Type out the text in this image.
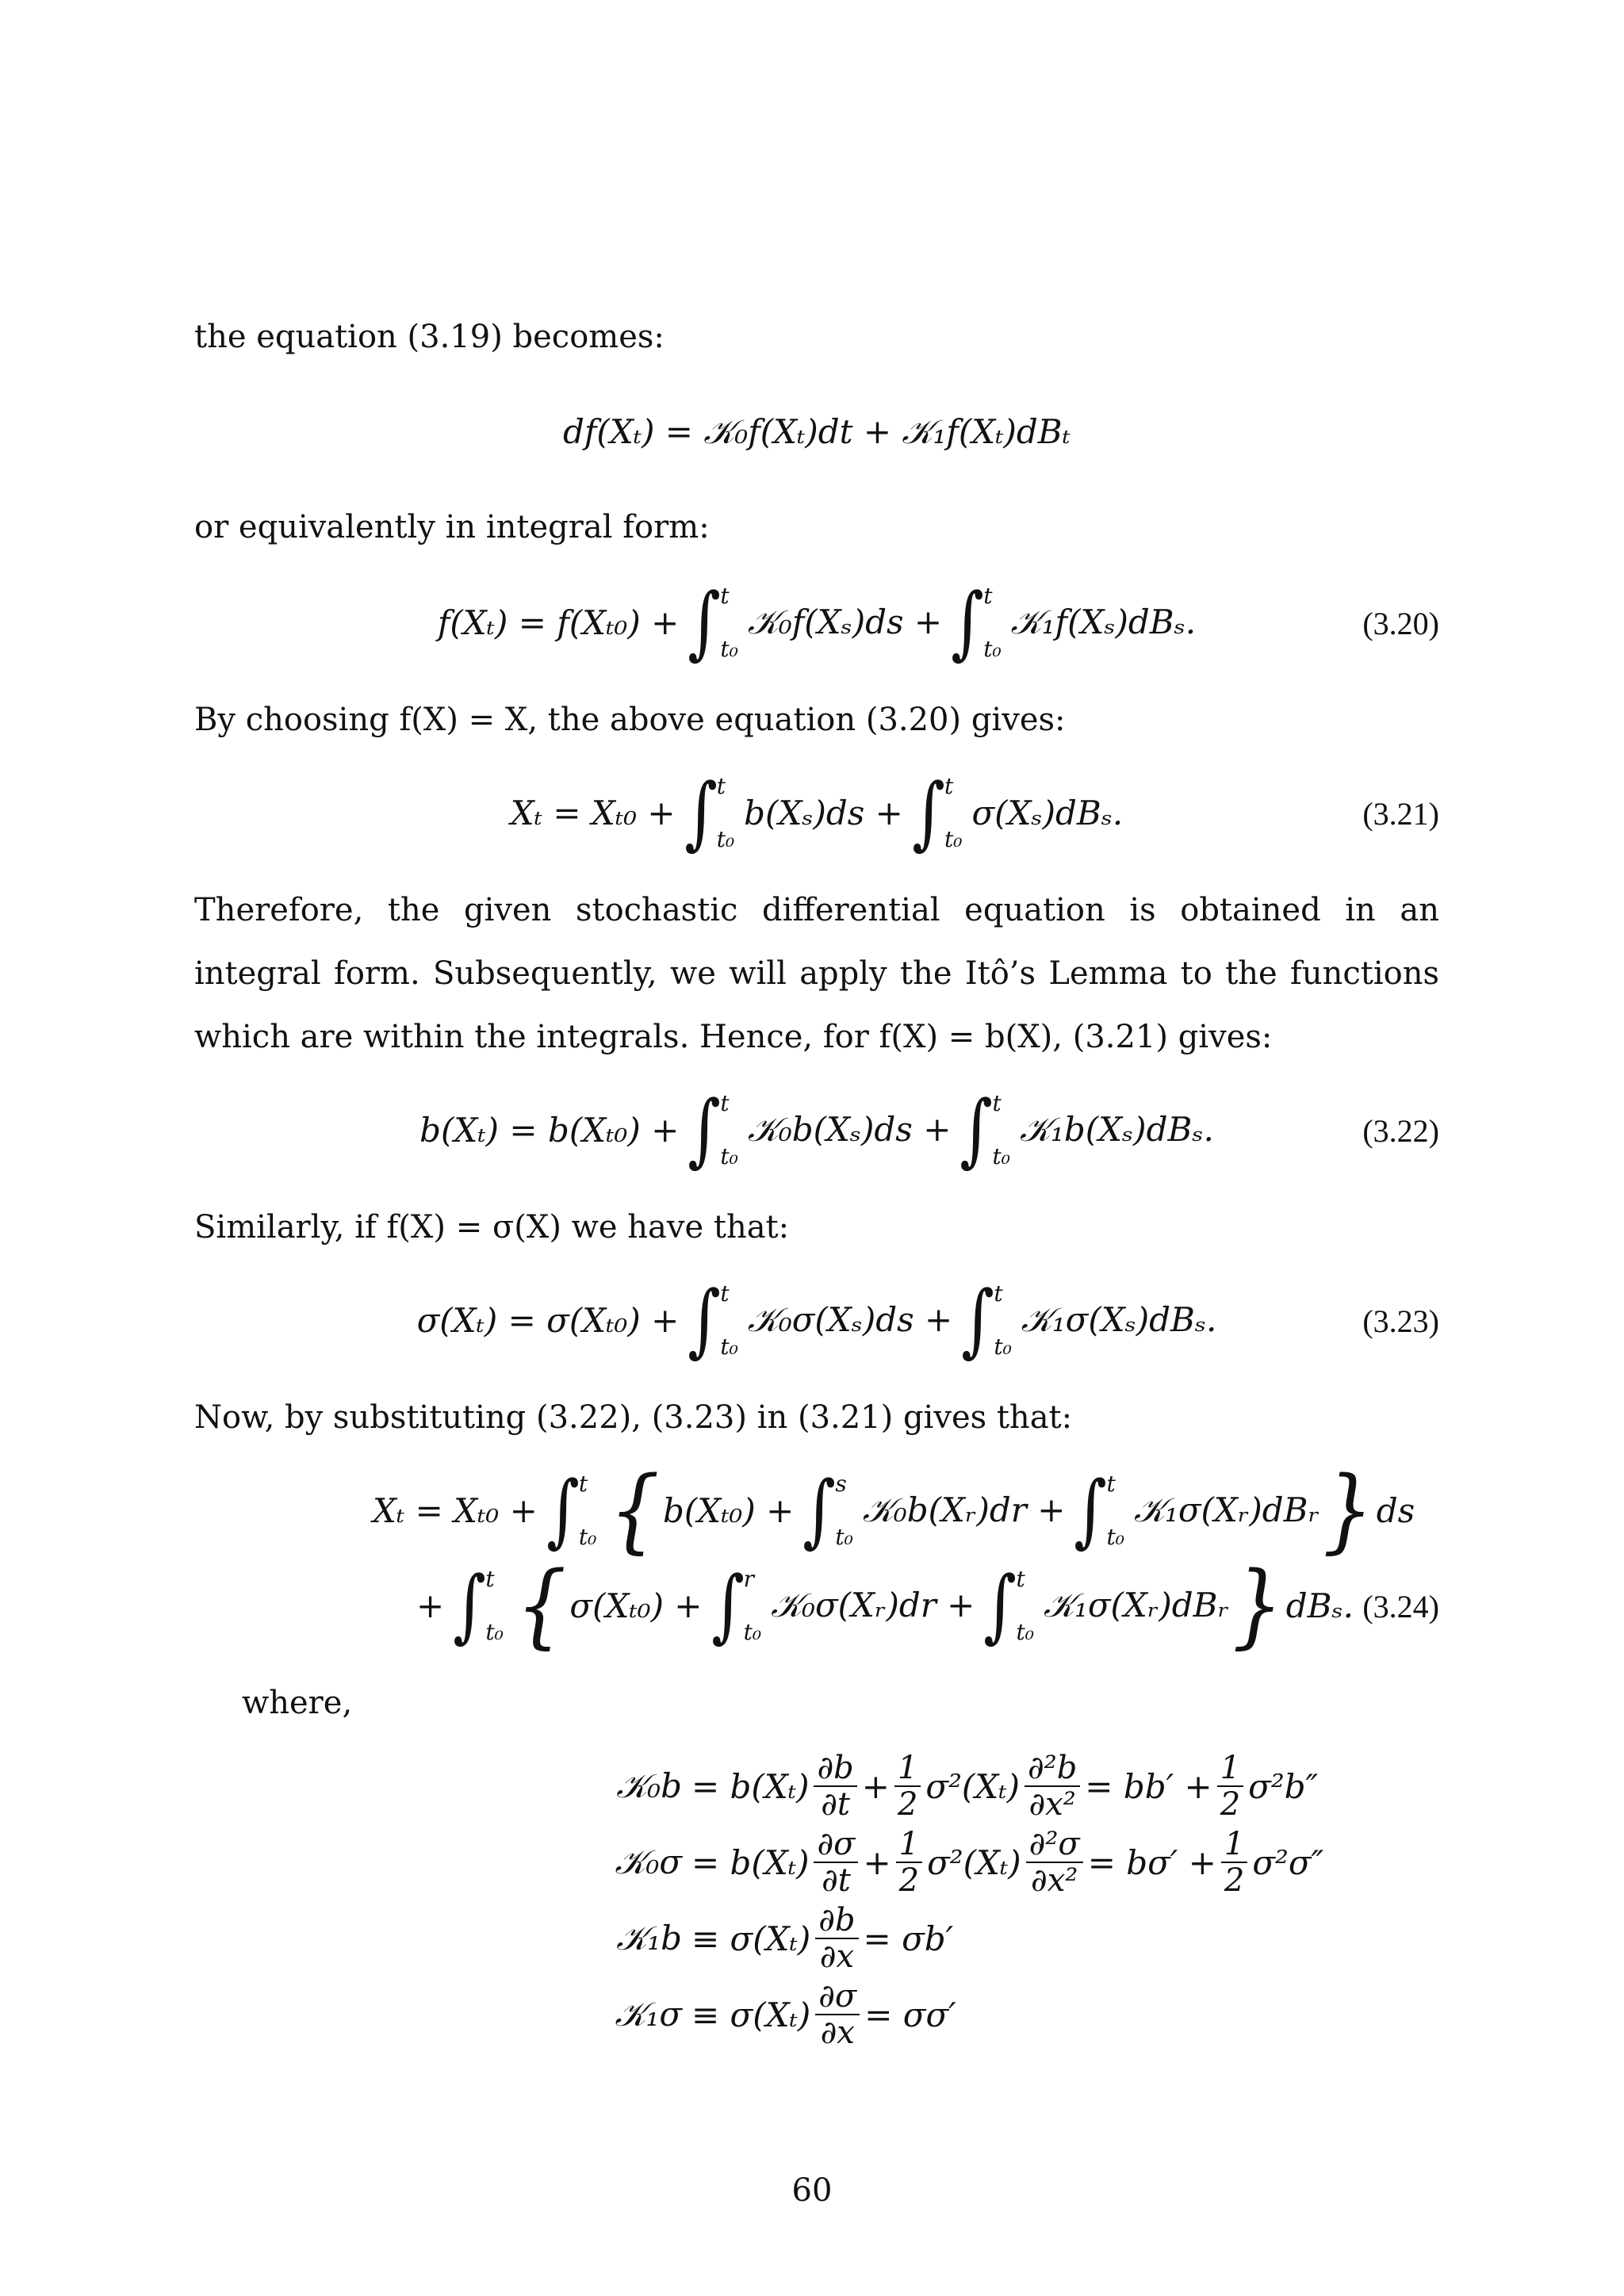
the equation (3.19) becomes:
df(Xₜ) = 𝒦₀f(Xₜ)dt + 𝒦₁f(Xₜ)dBₜ
or equivalently in integral form:
f(Xₜ) = f(Xₜ₀) + ∫ t
t₀
𝒦₀f(Xₛ)ds + ∫ t
t₀
𝒦₁f(Xₛ)dBₛ.	(3.20)
By choosing f(X) = X, the above equation (3.20) gives:
Xₜ = Xₜ₀ + ∫ t
t₀
b(Xₛ)ds + ∫ t
t₀
σ(Xₛ)dBₛ.	(3.21)
Therefore, the given stochastic differential equation is obtained in an integral form. Subsequently, we will apply the Itô’s Lemma to the functions which are within the integrals. Hence, for f(X) = b(X), (3.21) gives:
b(Xₜ) = b(Xₜ₀) + ∫ t
t₀
𝒦₀b(Xₛ)ds + ∫ t
t₀
𝒦₁b(Xₛ)dBₛ.	(3.22)
Similarly, if f(X) = σ(X) we have that:
σ(Xₜ) = σ(Xₜ₀) + ∫ t
t₀
𝒦₀σ(Xₛ)ds + ∫ t
t₀
𝒦₁σ(Xₛ)dBₛ.	(3.23)
Now, by substituting (3.22), (3.23) in (3.21) gives that:
Xₜ = Xₜ₀ + ∫ t
t₀ { b(Xₜ₀) + ∫ s
t₀
𝒦₀b(Xᵣ)dr + ∫ t
t₀
𝒦₁σ(Xᵣ)dBᵣ } ds
+ ∫ t
t₀ { σ(Xₜ₀) + ∫ r
t₀
𝒦₀σ(Xᵣ)dr + ∫ t
t₀
𝒦₁σ(Xᵣ)dBᵣ } dBₛ. (3.24)
where,
𝒦₀b = $b(X_t) \frac{\partial b}{\partial t} + \frac{1}{2} \sigma^2(X_t) \frac{\text{∂²b}}{\text{∂x²}} = bb' + \frac{1}{2} \sigma^2b''$
𝒦₀σ = $b(X_t) \frac{\partial\sigma}{\partial t} + \frac{1}{2} \sigma^2(X_t) \frac{\text{∂²σ}}{\text{∂x²}} = b\sigma' + \frac{1}{2} \sigma^2\sigma''$
𝒦₁b ≡ $\sigma(X_t) \frac{\partial b}{\partial x} = \sigma b'$
𝒦₁σ ≡ $\sigma(X_t) \frac{\partial\sigma}{\partial x} = \sigma\sigma'$
60
